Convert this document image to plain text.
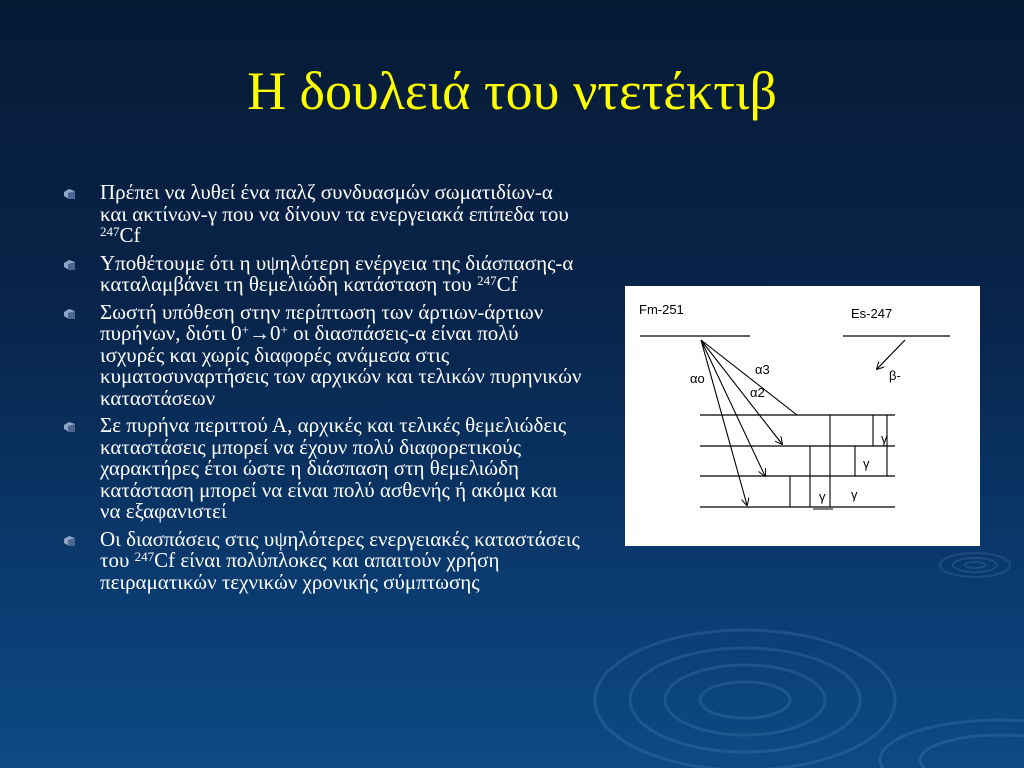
Η δουλειά του ντετέκτιβ
Πρέπει να λυθεί ένα παλζ συνδυασμών σωματιδίων-α και ακτίνων-γ που να δίνουν τα ενεργειακά επίπεδα του $^{247}$Cf
Υποθέτουμε ότι η υψηλότερη ενέργεια της διάσπασης-α καταλαμβάνει τη θεμελιώδη κατάσταση του $^{247}$Cf
Σωστή υπόθεση στην περίπτωση των άρτιων-άρτιων πυρήνων, διότι 0+→0+ οι διασπάσεις-α είναι πολύ ισχυρές και χωρίς διαφορές ανάμεσα στις κυματοσυναρτήσεις των αρχικών και τελικών πυρηνικών καταστάσεων
Σε πυρήνα περιττού Α, αρχικές και τελικές θεμελιώδεις καταστάσεις μπορεί να έχουν πολύ διαφορετικούς χαρακτήρες έτοι ώστε η διάσπαση στη θεμελιώδη κατάσταση μπορεί να είναι πολύ ασθενής ή ακόμα και να εξαφανιστεί
Οι διασπάσεις στις υψηλότερες ενεργειακές καταστάσεις του $^{247}$Cf είναι πολύπλοκες και απαιτούν χρήση πειραματικών τεχνικών χρονικής σύμπτωσης
Fm-251	Es-247
β-
α3
α2
αο
γ
γ
γ
γ
